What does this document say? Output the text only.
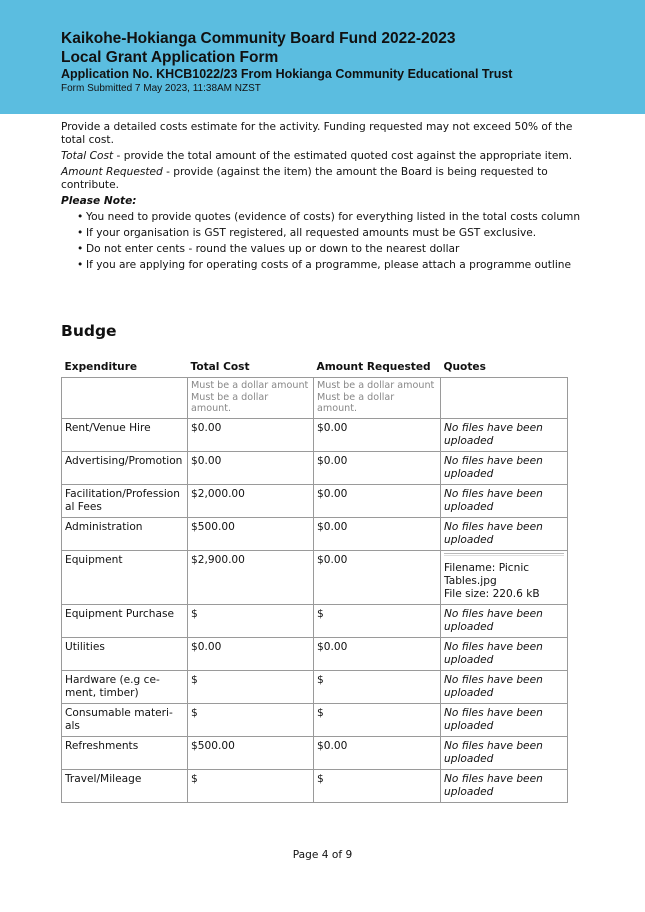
Kaikohe-Hokianga Community Board Fund 2022-2023
Local Grant Application Form
Application No. KHCB1022/23 From Hokianga Community Educational Trust
Form Submitted 7 May 2023, 11:38AM NZST

Provide a detailed costs estimate for the activity. Funding requested may not exceed 50% of the total cost.

Total Cost - provide the total amount of the estimated quoted cost against the appropriate item.

Amount Requested - provide (against the item) the amount the Board is being requested to contribute.

Please Note:

• You need to provide quotes (evidence of costs) for everything listed in the total costs column
• If your organisation is GST registered, all requested amounts must be GST exclusive.
• Do not enter cents - round the values up or down to the nearest dollar
• If you are applying for operating costs of a programme, please attach a programme outline
Budge
Expenditure	Total Cost	Amount Requested	Quotes
	Must be a dollar amount Must be a dollar amount.	Must be a dollar amount Must be a dollar amount.	
Rent/Venue Hire	$0.00	$0.00	No files have been uploaded
Advertising/Promotion	$0.00	$0.00	No files have been uploaded
Facilitation/Professional Fees	$2,000.00	$0.00	No files have been uploaded
Administration	$500.00	$0.00	No files have been uploaded
Equipment	$2,900.00	$0.00	Filename: Picnic Tables.jpg
File size: 220.6 kB

Equipment Purchase	$	$	No files have been uploaded
Utilities	$0.00	$0.00	No files have been uploaded
Hardware (e.g ce-ment, timber)	$	$	No files have been uploaded
Consumable materi-als	$	$	No files have been uploaded
Refreshments	$500.00	$0.00	No files have been uploaded
Travel/Mileage	$	$	No files have been uploaded
Page 4 of 9
